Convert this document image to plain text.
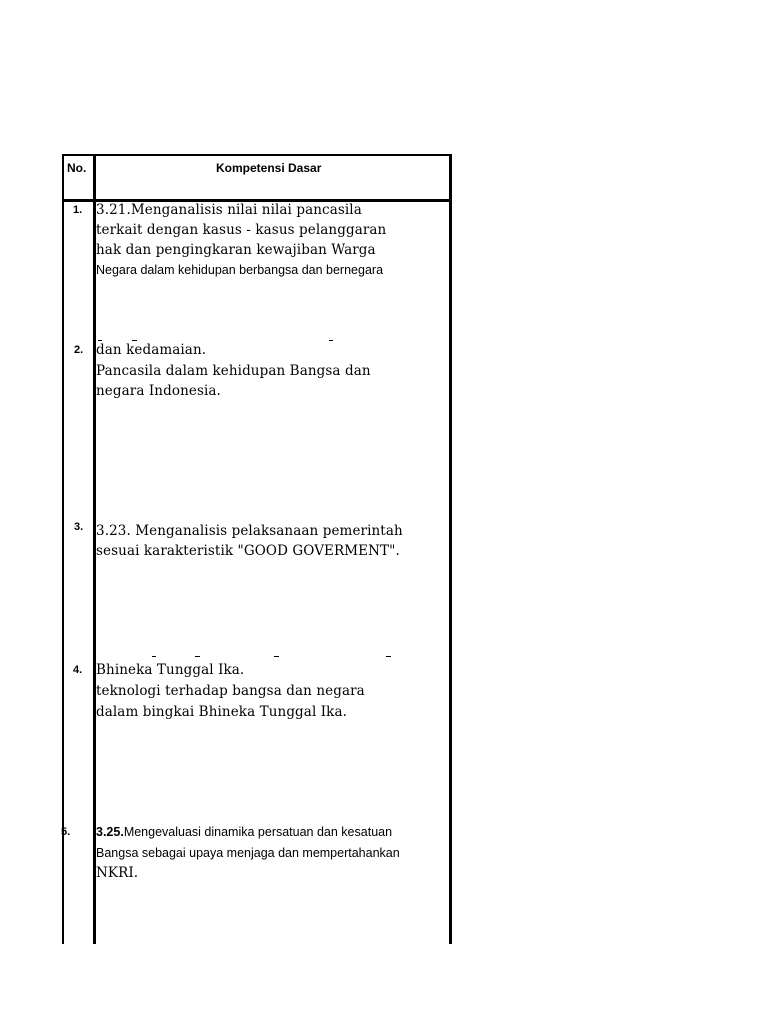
No.	Kompetensi Dasar
1. 3.21.Menganalisis nilai nilai pancasila
terkait dengan kasus - kasus pelanggaran
hak dan pengingkaran kewajiban Warga
Negara dalam kehidupan berbangsa dan bernegara
2. dan kedamaian.
Pancasila dalam kehidupan Bangsa dan
negara Indonesia.
3. 3.23. Menganalisis pelaksanaan pemerintah
sesuai karakteristik "GOOD GOVERMENT".
4. Bhineka Tunggal Ika.
teknologi terhadap bangsa dan negara
dalam bingkai Bhineka Tunggal Ika.
5. 3.25.Mengevaluasi dinamika persatuan dan kesatuan
Bangsa sebagai upaya menjaga dan mempertahankan
NKRI.
